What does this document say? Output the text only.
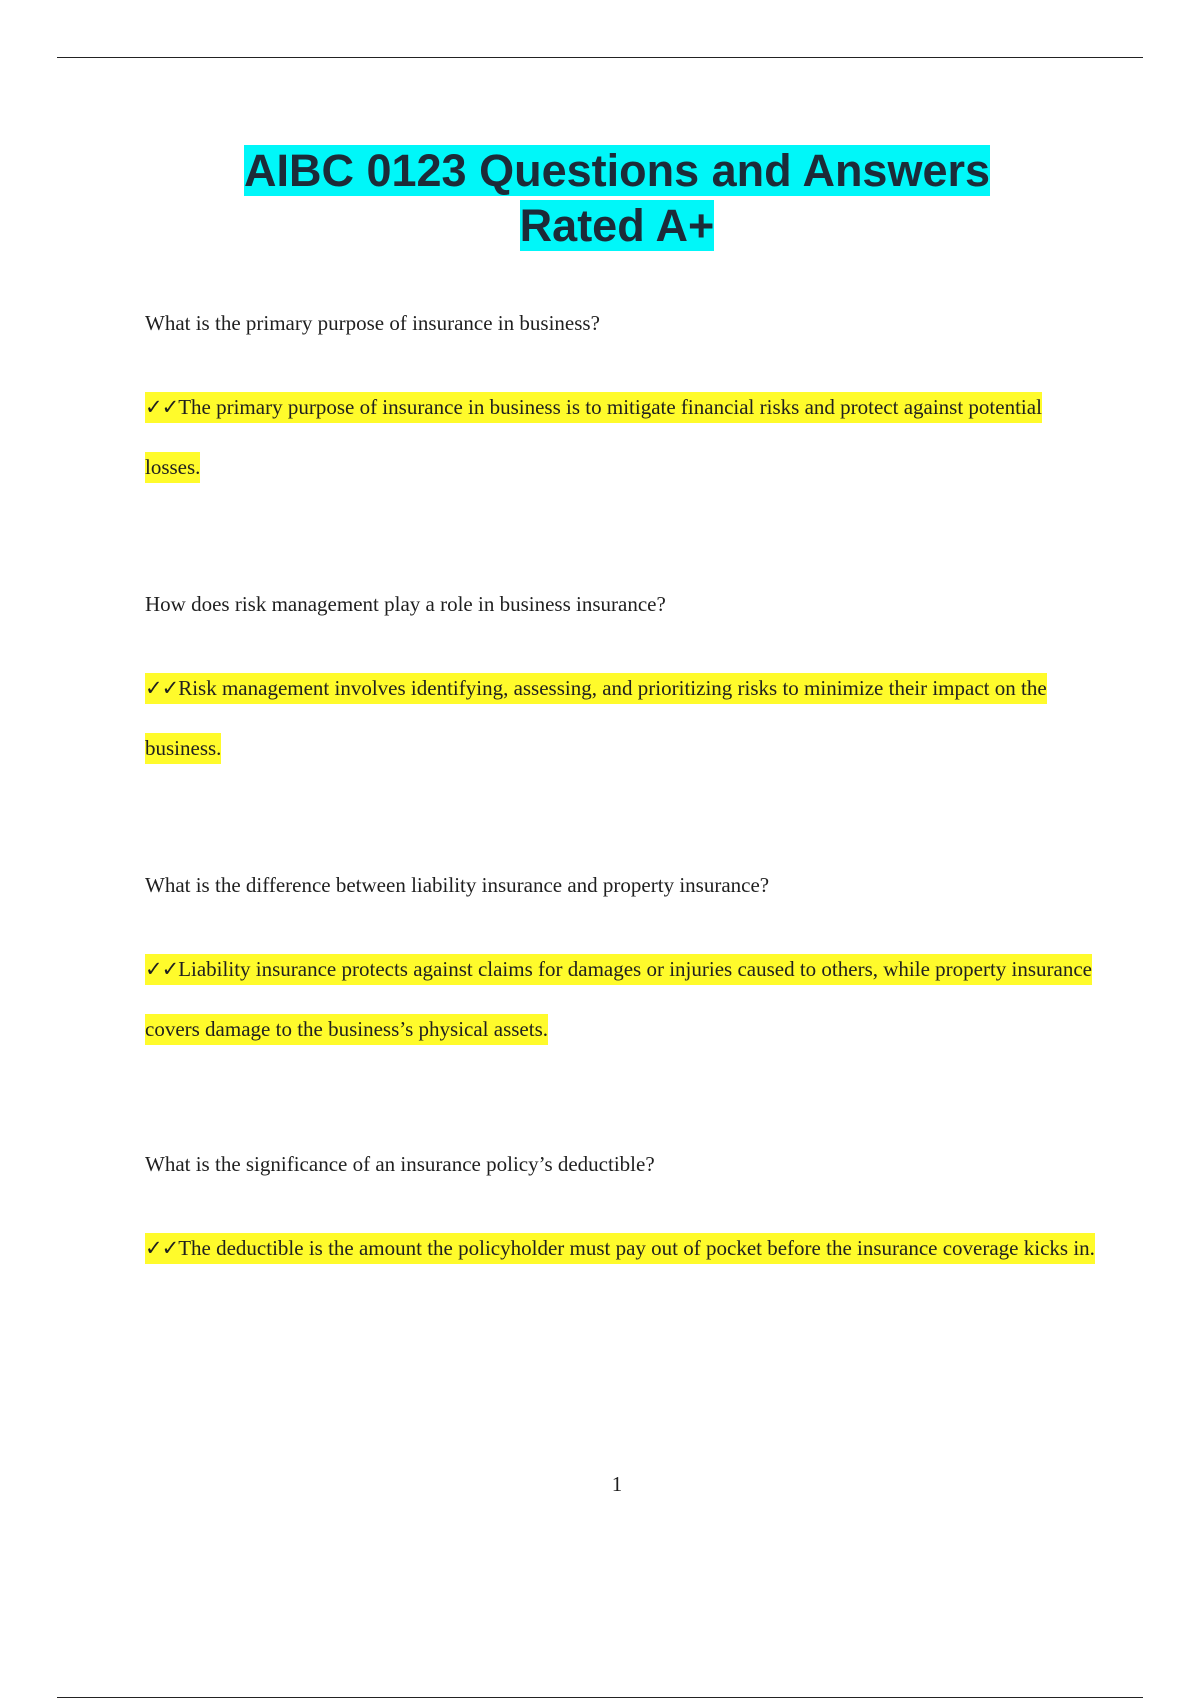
AIBC 0123 Questions and Answers
Rated A+

What is the primary purpose of insurance in business?

✓✓The primary purpose of insurance in business is to mitigate financial risks and protect against potential losses.

How does risk management play a role in business insurance?

✓✓Risk management involves identifying, assessing, and prioritizing risks to minimize their impact on the business.

What is the difference between liability insurance and property insurance?

✓✓Liability insurance protects against claims for damages or injuries caused to others, while property insurance covers damage to the business’s physical assets.

What is the significance of an insurance policy’s deductible?

✓✓The deductible is the amount the policyholder must pay out of pocket before the insurance coverage kicks in.

1
